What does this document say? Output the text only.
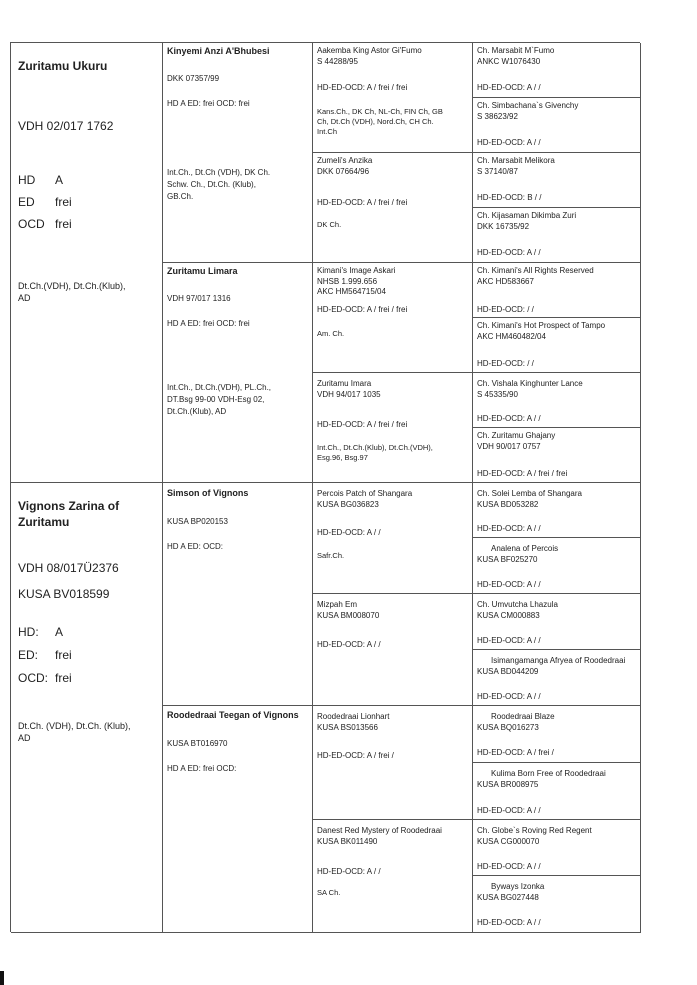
Zuritamu Ukuru
VDH 02/017 1762
HD A
ED frei
OCD frei
Dt.Ch.(VDH), Dt.Ch.(Klub),
AD
Vignons Zarina of
Zuritamu
VDH 08/017Ü2376
KUSA BV018599
HD: A
ED: frei
OCD: frei
Dt.Ch. (VDH), Dt.Ch. (Klub),
AD
Kinyemi Anzi A'Bhubesi
DKK 07357/99
HD A ED: frei OCD: frei
Int.Ch., Dt.Ch (VDH), DK Ch.
Schw. Ch., Dt.Ch. (Klub),
GB.Ch.
Zuritamu Limara
VDH 97/017 1316
HD A ED: frei OCD: frei
Int.Ch., Dt.Ch.(VDH), PL.Ch.,
DT.Bsg 99-00 VDH-Esg 02,
Dt.Ch.(Klub), AD
Simson of Vignons
KUSA BP020153
HD A ED: OCD:
Roodedraai Teegan of Vignons
KUSA BT016970
HD A ED: frei OCD:
Aakemba King Astor Gi'Fumo
S 44288/95
HD-ED-OCD: A / frei / frei
Kans.Ch., DK Ch, NL-Ch, FIN Ch, GB
Ch, Dt.Ch (VDH), Nord.Ch, CH Ch.
Int.Ch
Zumeli's Anzika
DKK 07664/96
HD-ED-OCD: A / frei / frei
DK Ch.
Kimani's Image Askari
NHSB 1.999.656
AKC HM564715/04
HD-ED-OCD: A / frei / frei
Am. Ch.
Zuritamu Imara
VDH 94/017 1035
HD-ED-OCD: A / frei / frei
Int.Ch., Dt.Ch.(Klub), Dt.Ch.(VDH),
Esg.96, Bsg.97
Percois Patch of Shangara
KUSA BG036823
HD-ED-OCD: A / /
Safr.Ch.
Mizpah Em
KUSA BM008070
HD-ED-OCD: A / /
Roodedraai Lionhart
KUSA BS013566
HD-ED-OCD: A / frei /
Danest Red Mystery of Roodedraai
KUSA BK011490
HD-ED-OCD: A / /
SA Ch.
Ch. Marsabit M`Fumo
ANKC W1076430
HD-ED-OCD: A / /
Ch. Simbachana`s Givenchy
S 38623/92
HD-ED-OCD: A / /
Ch. Marsabit Melikora
S 37140/87
HD-ED-OCD: B / /
Ch. Kijasaman Dikimba Zuri
DKK 16735/92
HD-ED-OCD: A / /
Ch. Kimani's All Rights Reserved
AKC HD583667
HD-ED-OCD: / /
Ch. Kimani's Hot Prospect of Tampo
AKC HM460482/04
HD-ED-OCD: / /
Ch. Vishala Kinghunter Lance
S 45335/90
HD-ED-OCD: A / /
Ch. Zuritamu Ghajany
VDH 90/017 0757
HD-ED-OCD: A / frei / frei
Ch. Solei Lemba of Shangara
KUSA BD053282
HD-ED-OCD: A / /
Analena of Percois
KUSA BF025270
HD-ED-OCD: A / /
Ch. Umvutcha Lhazula
KUSA CM000883
HD-ED-OCD: A / /
Isimangamanga Afryea of Roodedraai
KUSA BD044209
HD-ED-OCD: A / /
Roodedraai Blaze
KUSA BQ016273
HD-ED-OCD: A / frei /
Kulima Born Free of Roodedraai
KUSA BR008975
HD-ED-OCD: A / /
Ch. Globe`s Roving Red Regent
KUSA CG000070
HD-ED-OCD: A / /
Byways Izonka
KUSA BG027448
HD-ED-OCD: A / /
